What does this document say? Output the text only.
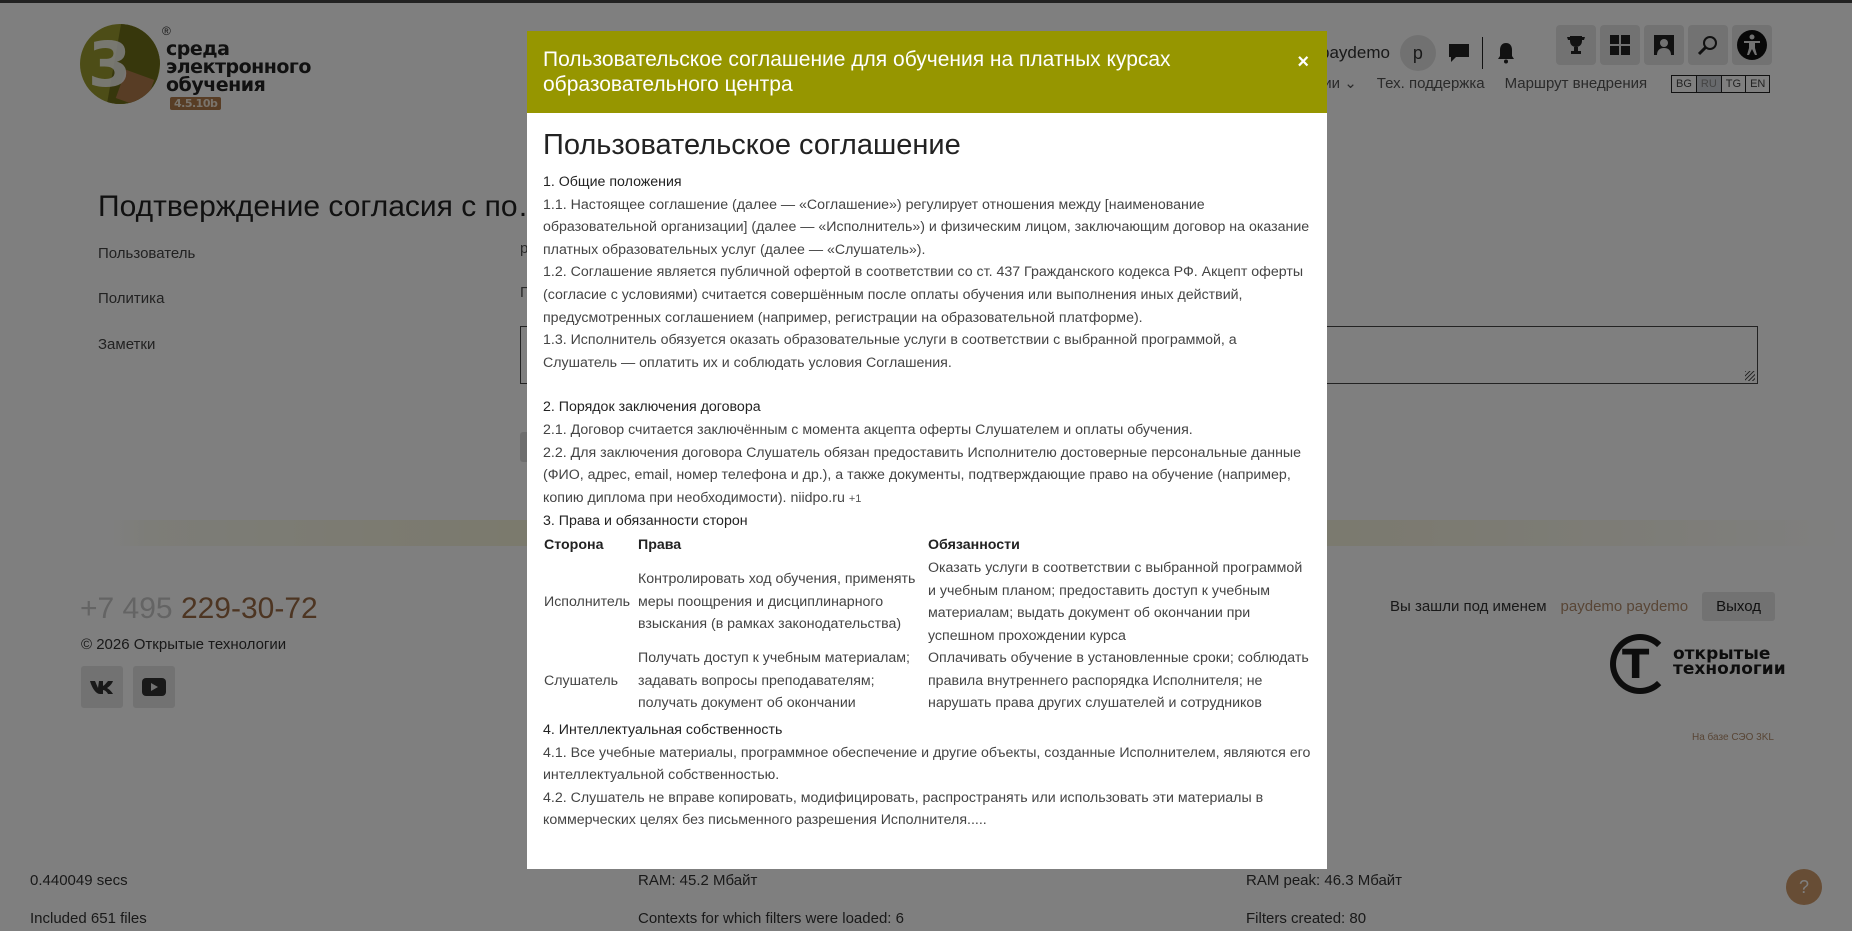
Пользовательское соглашение для обучения на платных курсах образовательного центра
×
Пользовательское соглашение

1. Общие положения

1.1. Настоящее соглашение (далее — «Соглашение») регулирует отношения между [наименование образовательной организации] (далее — «Исполнитель») и физическим лицом, заключающим договор на оказание платных образовательных услуг (далее — «Слушатель»).

1.2. Соглашение является публичной офертой в соответствии со ст. 437 Гражданского кодекса РФ. Акцепт оферты (согласие с условиями) считается совершённым после оплаты обучения или выполнения иных действий, предусмотренных соглашением (например, регистрации на образовательной платформе).

1.3. Исполнитель обязуется оказать образовательные услуги в соответствии с выбранной программой, а Слушатель — оплатить их и соблюдать условия Соглашения.

2. Порядок заключения договора

2.1. Договор считается заключённым с момента акцепта оферты Слушателем и оплаты обучения.

2.2. Для заключения договора Слушатель обязан предоставить Исполнителю достоверные персональные данные (ФИО, адрес, email, номер телефона и др.), а также документы, подтверждающие право на обучение (например, копию диплома при необходимости). niidpo.ru +1

3. Права и обязанности сторон

Сторона	Права	Обязанности
Исполнитель	Контролировать ход обучения, применять меры поощрения и дисциплинарного взыскания (в рамках законодательства)	Оказать услуги в соответствии с выбранной программой и учебным планом; предоставить доступ к учебным материалам; выдать документ об окончании при успешном прохождении курса
Слушатель	Получать доступ к учебным материалам; задавать вопросы преподавателям; получать документ об окончании	Оплачивать обучение в установленные сроки; соблюдать правила внутреннего распорядка Исполнителя; не нарушать права других слушателей и сотрудников

4. Интеллектуальная собственность

4.1. Все учебные материалы, программное обеспечение и другие объекты, созданные Исполнителем, являются его интеллектуальной собственностью.

4.2. Слушатель не вправе копировать, модифицировать, распространять или использовать эти материалы в коммерческих целях без письменного разрешения Исполнителя.....
